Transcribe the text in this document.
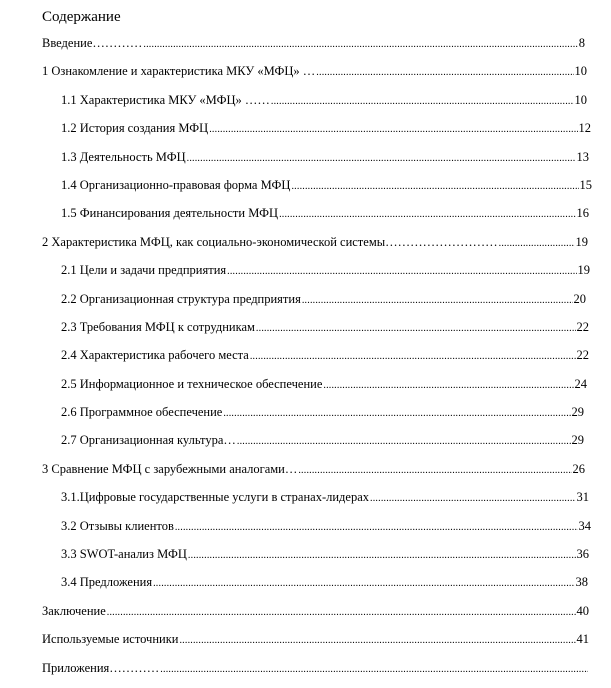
Содержание
Введение………… .....	8
1 Ознакомление и характеристика МКУ «МФЦ» … .....	10
1.1 Характеристика МКУ «МФЦ» …… .....	10
1.2 История создания МФЦ .....	12
1.3 Деятельность МФЦ .....	13
1.4 Организационно-правовая форма МФЦ .....	15
1.5 Финансирования деятельности МФЦ .....	16
2 Характеристика МФЦ, как социально-экономической системы……………………… .....	19
2.1 Цели и задачи предприятия .....	19
2.2 Организационная структура предприятия .....	20
2.3 Требования МФЦ к сотрудникам .....	22
2.4 Характеристика рабочего места .....	22
2.5 Информационное и техническое обеспечение .....	24
2.6 Программное обеспечение .....	29
2.7 Организационная культура… .....	29
3 Сравнение МФЦ с зарубежными аналогами… .....	26
3.1.Цифровые государственные услуги в странах-лидерах .....	31
3.2 Отзывы клиентов .....	34
3.3 SWOT-анализ МФЦ .....	36
3.4 Предложения .....	38
Заключение .....	40
Используемые источники .....	41
Приложения…………
.....
